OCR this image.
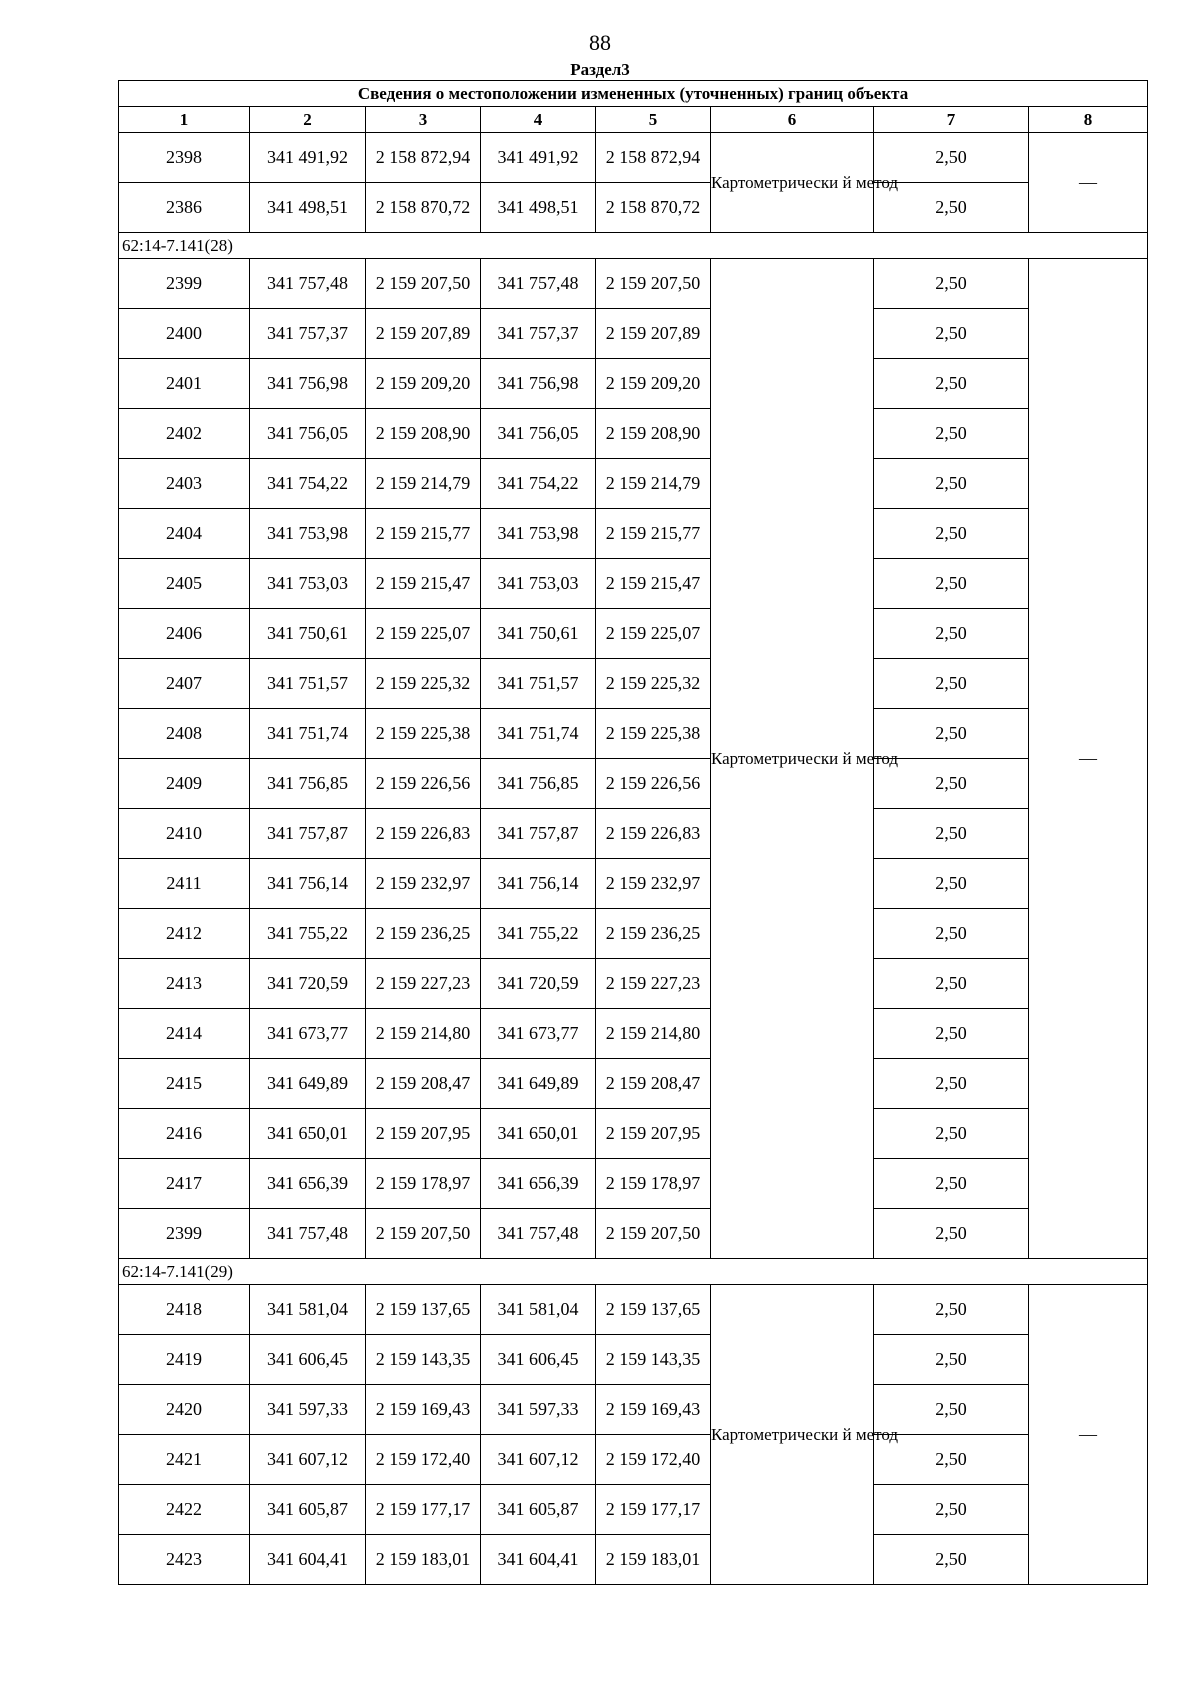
88
Раздел3
Сведения о местоположении измененных (уточненных) границ объекта							
1	2	3	4	5	6	7	8
2398	341 491,92	2 158 872,94	341 491,92	2 158 872,94	Картометрически й метод	2,50	—
2386	341 498,51	2 158 870,72	341 498,51	2 158 870,72		2,50	
62:14-7.141(28)							
2399	341 757,48	2 159 207,50	341 757,48	2 159 207,50	Картометрически й метод	2,50	—
2400	341 757,37	2 159 207,89	341 757,37	2 159 207,89		2,50	
2401	341 756,98	2 159 209,20	341 756,98	2 159 209,20		2,50	
2402	341 756,05	2 159 208,90	341 756,05	2 159 208,90		2,50	
2403	341 754,22	2 159 214,79	341 754,22	2 159 214,79		2,50	
2404	341 753,98	2 159 215,77	341 753,98	2 159 215,77		2,50	
2405	341 753,03	2 159 215,47	341 753,03	2 159 215,47		2,50	
2406	341 750,61	2 159 225,07	341 750,61	2 159 225,07		2,50	
2407	341 751,57	2 159 225,32	341 751,57	2 159 225,32		2,50	
2408	341 751,74	2 159 225,38	341 751,74	2 159 225,38		2,50	
2409	341 756,85	2 159 226,56	341 756,85	2 159 226,56		2,50	
2410	341 757,87	2 159 226,83	341 757,87	2 159 226,83		2,50	
2411	341 756,14	2 159 232,97	341 756,14	2 159 232,97		2,50	
2412	341 755,22	2 159 236,25	341 755,22	2 159 236,25		2,50	
2413	341 720,59	2 159 227,23	341 720,59	2 159 227,23		2,50	
2414	341 673,77	2 159 214,80	341 673,77	2 159 214,80		2,50	
2415	341 649,89	2 159 208,47	341 649,89	2 159 208,47		2,50	
2416	341 650,01	2 159 207,95	341 650,01	2 159 207,95		2,50	
2417	341 656,39	2 159 178,97	341 656,39	2 159 178,97		2,50	
2399	341 757,48	2 159 207,50	341 757,48	2 159 207,50		2,50	
62:14-7.141(29)							
2418	341 581,04	2 159 137,65	341 581,04	2 159 137,65	Картометрически й метод	2,50	—
2419	341 606,45	2 159 143,35	341 606,45	2 159 143,35		2,50	
2420	341 597,33	2 159 169,43	341 597,33	2 159 169,43		2,50	
2421	341 607,12	2 159 172,40	341 607,12	2 159 172,40		2,50	
2422	341 605,87	2 159 177,17	341 605,87	2 159 177,17		2,50	
2423	341 604,41	2 159 183,01	341 604,41	2 159 183,01		2,50	
